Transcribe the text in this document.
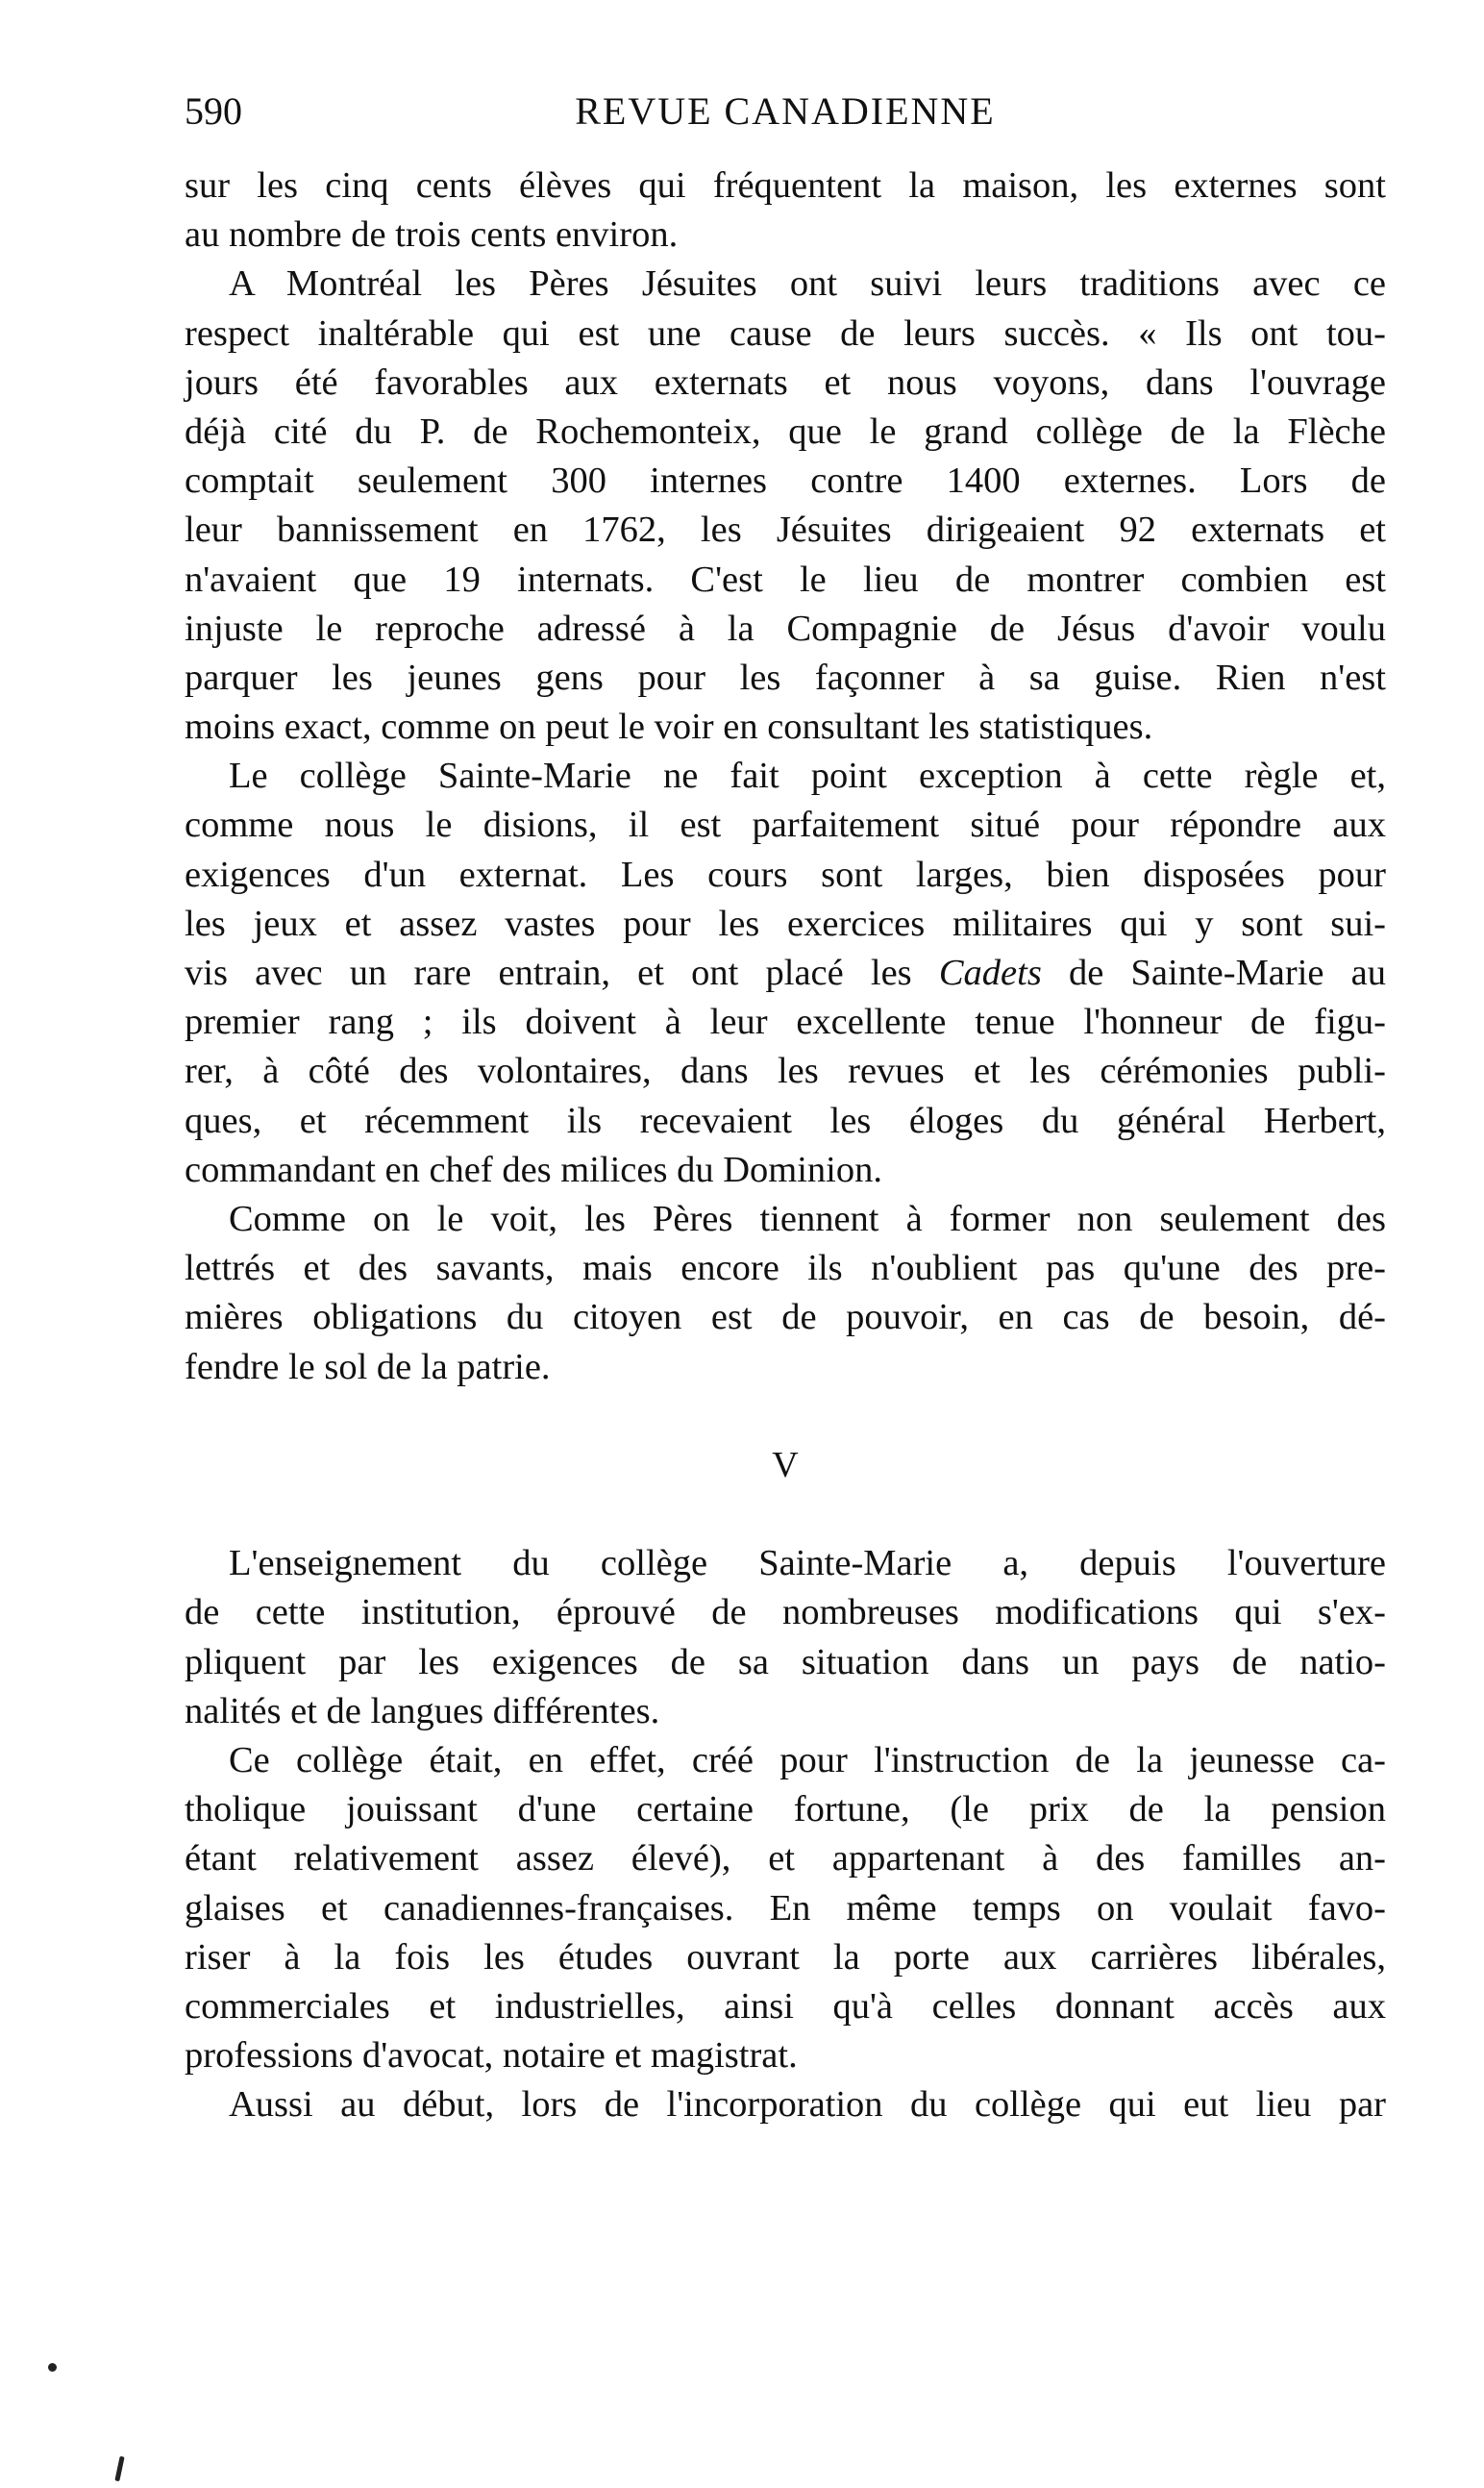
590	REVUE CANADIENNE
sur les cinq cents élèves qui fréquentent la maison, les externes sont
au nombre de trois cents environ.
A Montréal les Pères Jésuites ont suivi leurs traditions avec ce
respect inaltérable qui est une cause de leurs succès. « Ils ont tou-
jours été favorables aux externats et nous voyons, dans l'ouvrage
déjà cité du P. de Rochemonteix, que le grand collège de la Flèche
comptait seulement 300 internes contre 1400 externes. Lors de
leur bannissement en 1762, les Jésuites dirigeaient 92 externats et
n'avaient que 19 internats. C'est le lieu de montrer combien est
injuste le reproche adressé à la Compagnie de Jésus d'avoir voulu
parquer les jeunes gens pour les façonner à sa guise. Rien n'est
moins exact, comme on peut le voir en consultant les statistiques.
Le collège Sainte-Marie ne fait point exception à cette règle et,
comme nous le disions, il est parfaitement situé pour répondre aux
exigences d'un externat. Les cours sont larges, bien disposées pour
les jeux et assez vastes pour les exercices militaires qui y sont sui-
vis avec un rare entrain, et ont placé les Cadets de Sainte-Marie au
premier rang ; ils doivent à leur excellente tenue l'honneur de figu-
rer, à côté des volontaires, dans les revues et les cérémonies publi-
ques, et récemment ils recevaient les éloges du général Herbert,
commandant en chef des milices du Dominion.
Comme on le voit, les Pères tiennent à former non seulement des
lettrés et des savants, mais encore ils n'oublient pas qu'une des pre-
mières obligations du citoyen est de pouvoir, en cas de besoin, dé-
fendre le sol de la patrie.
V
L'enseignement du collège Sainte-Marie a, depuis l'ouverture
de cette institution, éprouvé de nombreuses modifications qui s'ex-
pliquent par les exigences de sa situation dans un pays de natio-
nalités et de langues différentes.
Ce collège était, en effet, créé pour l'instruction de la jeunesse ca-
tholique jouissant d'une certaine fortune, (le prix de la pension
étant relativement assez élevé), et appartenant à des familles an-
glaises et canadiennes-françaises. En même temps on voulait favo-
riser à la fois les études ouvrant la porte aux carrières libérales,
commerciales et industrielles, ainsi qu'à celles donnant accès aux
professions d'avocat, notaire et magistrat.
Aussi au début, lors de l'incorporation du collège qui eut lieu par
